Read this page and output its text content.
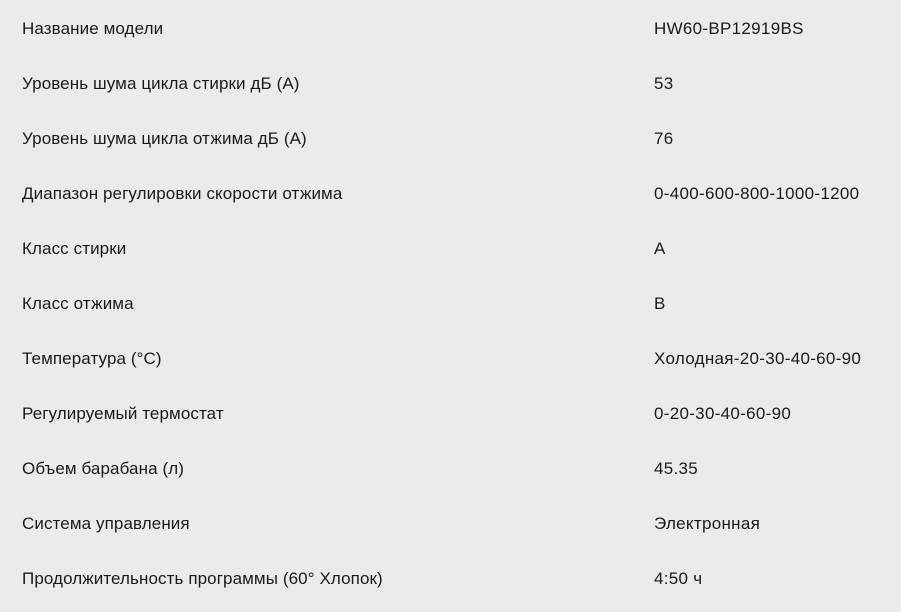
Название модели	HW60-BP12919BS
Уровень шума цикла стирки дБ (А)	53
Уровень шума цикла отжима дБ (А)	76
Диапазон регулировки скорости отжима	0-400-600-800-1000-1200
Класс стирки	A
Класс отжима	B
Температура (°C)	Холодная-20-30-40-60-90
Регулируемый термостат	0-20-30-40-60-90
Объем барабана (л)	45.35
Система управления	Электронная
Продолжительность программы (60° Хлопок)	4:50 ч
